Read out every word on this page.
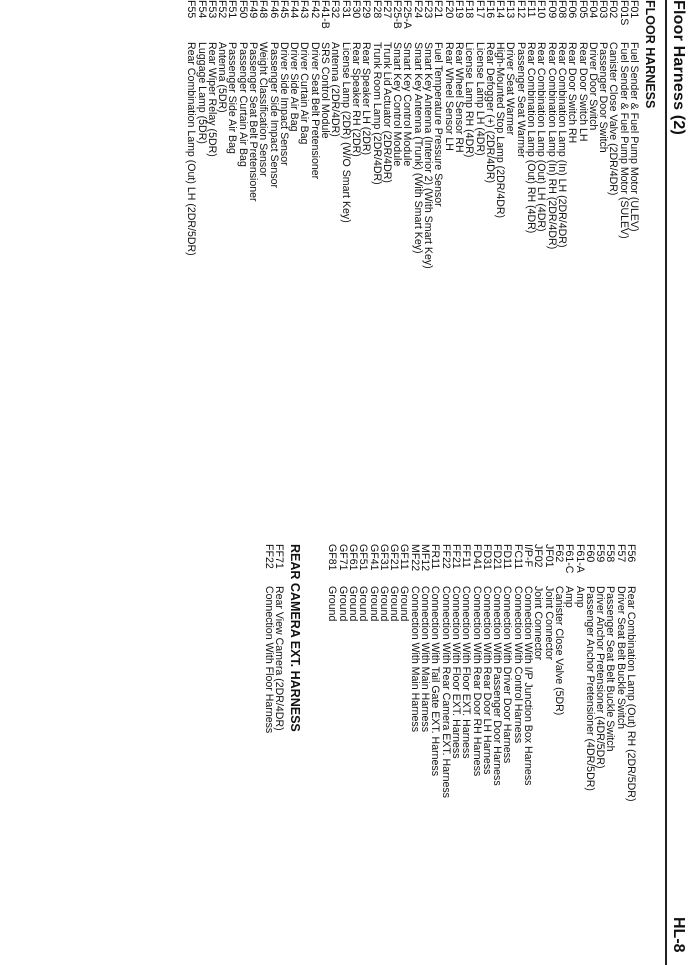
Floor Harness (2)
HL-8
FLOOR HARNESS
F01Fuel Sender & Fuel Pump Motor (ULEV)
F01SFuel Sender & Fuel Pump Motor (SULEV)
F02Canister Close Valve (2DR/4DR)
F03Passenger Door Switch
F04Driver Door Switch
F05Rear Door Switch LH
F06Rear Door Switch RH
F08Rear Combination Lamp (In) LH (2DR/4DR)
F09Rear Combination Lamp (In) RH (2DR/4DR)
F10Rear Combination Lamp (Out) LH (4DR)
F11Rear Combination Lamp (Out) RH (4DR)
F12Passenger Seat Warmer
F13Driver Seat Warmer
F14High-Mounted Stop Lamp (2DR/4DR)
F16Rear Defogger (+) (2DR/4DR)
F17License Lamp LH (4DR)
F18License Lamp RH (4DR)
F19Rear Wheel Sensor RH
F20Rear Wheel Sensor LH
F21Fuel Temperature Pressure Sensor
F23Smart Key Antenna (Interior 2) (With Smart Key)
F24Smart Key Antenna (Trunk) (With Smart Key)
F25-ASmart Key Control Module
F25-BSmart Key Control Module
F27Trunk Lid Actuator (2DR/4DR)
F28Trunk Room Lamp (2DR/4DR)
F29Rear Speaker LH (2DR)
F30Rear Speaker RH (2DR)
F31License Lamp (2DR) (W/O Smart Key)
F32Antenna (2DR/4DR)
F41-BSRS Control Module
F42Driver Seat Belt Pretensioner
F43Driver Curtain Air Bag
F44Driver Side Air Bag
F45Driver Side Impact Sensor
F46Passenger Side Impact Sensor
F48Weight Classification Sensor
F49Passenger Seat Belt Pretensioner
F50Passenger Curtain Air Bag
F51Passenger Side Air Bag
F52Antenna (5DR)
F53Rear Wiper Relay (5DR)
F54Luggage Lamp (5DR)
F55Rear Combination Lamp (Out) LH (2DR/5DR)
F56Rear Combination Lamp (Out) RH (2DR/5DR)
F57Driver Seat Belt Buckle Switch
F58Passenger Seat Belt Buckle Switch
F59Driver Anchor Pretensioner (4DR/5DR)
F60Passenger Anchor Pretensioner (4DR/5DR)
F61-AAmp
F61-CAmp
F62Canister Close Valve (5DR)
JF01Joint Connector
JF02Joint Connector
I/P-FConnection With I/P Junction Box Harness
FC11Connection With Control Harness
FD11Connection With Driver Door Harness
FD21Connection With Passenger Door Harness
FD31Connection With Rear Door LH Harness
FD41Connection With Rear Door RH Harness
FF11Connection With Floor EXT. Harness
FF21Connection With Floor EXT. Harness
FF22Connection With Rear Camera EXT. Harness
FR11Connection With Tail Gate EXT. Harness
MF12Connection With Main Harness
MF22Connection With Main Harness
GF11Ground
GF21Ground
GF31Ground
GF41Ground
GF51Ground
GF61Ground
GF71Ground
GF81Ground
REAR CAMERA EXT. HARNESS
FF71Rear View Camera (2DR/4DR)
FF22Connection With Floor Harness
